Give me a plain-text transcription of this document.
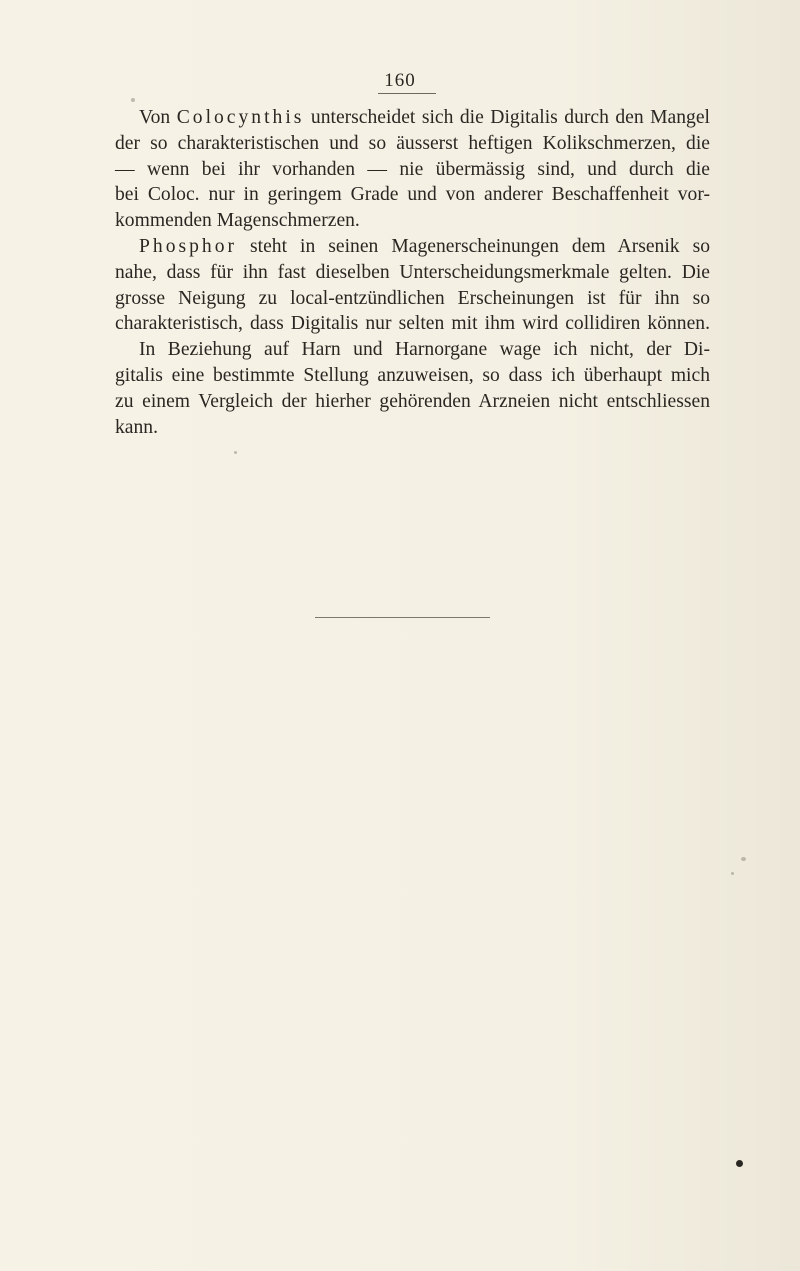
160
Von Colocynthis unterscheidet sich die Digitalis durch den Mangel
der so charakteristischen und so äusserst heftigen Kolikschmerzen, die
— wenn bei ihr vorhanden — nie übermässig sind, und durch die
bei Coloc. nur in geringem Grade und von anderer Beschaffenheit vor-
kommenden Magenschmerzen.
Phosphor steht in seinen Magenerscheinungen dem Arsenik so
nahe, dass für ihn fast dieselben Unterscheidungsmerkmale gelten. Die
grosse Neigung zu local-entzündlichen Erscheinungen ist für ihn so
charakteristisch, dass Digitalis nur selten mit ihm wird collidiren können.
In Beziehung auf Harn und Harnorgane wage ich nicht, der Di-
gitalis eine bestimmte Stellung anzuweisen, so dass ich überhaupt mich
zu einem Vergleich der hierher gehörenden Arzneien nicht entschliessen
kann.
